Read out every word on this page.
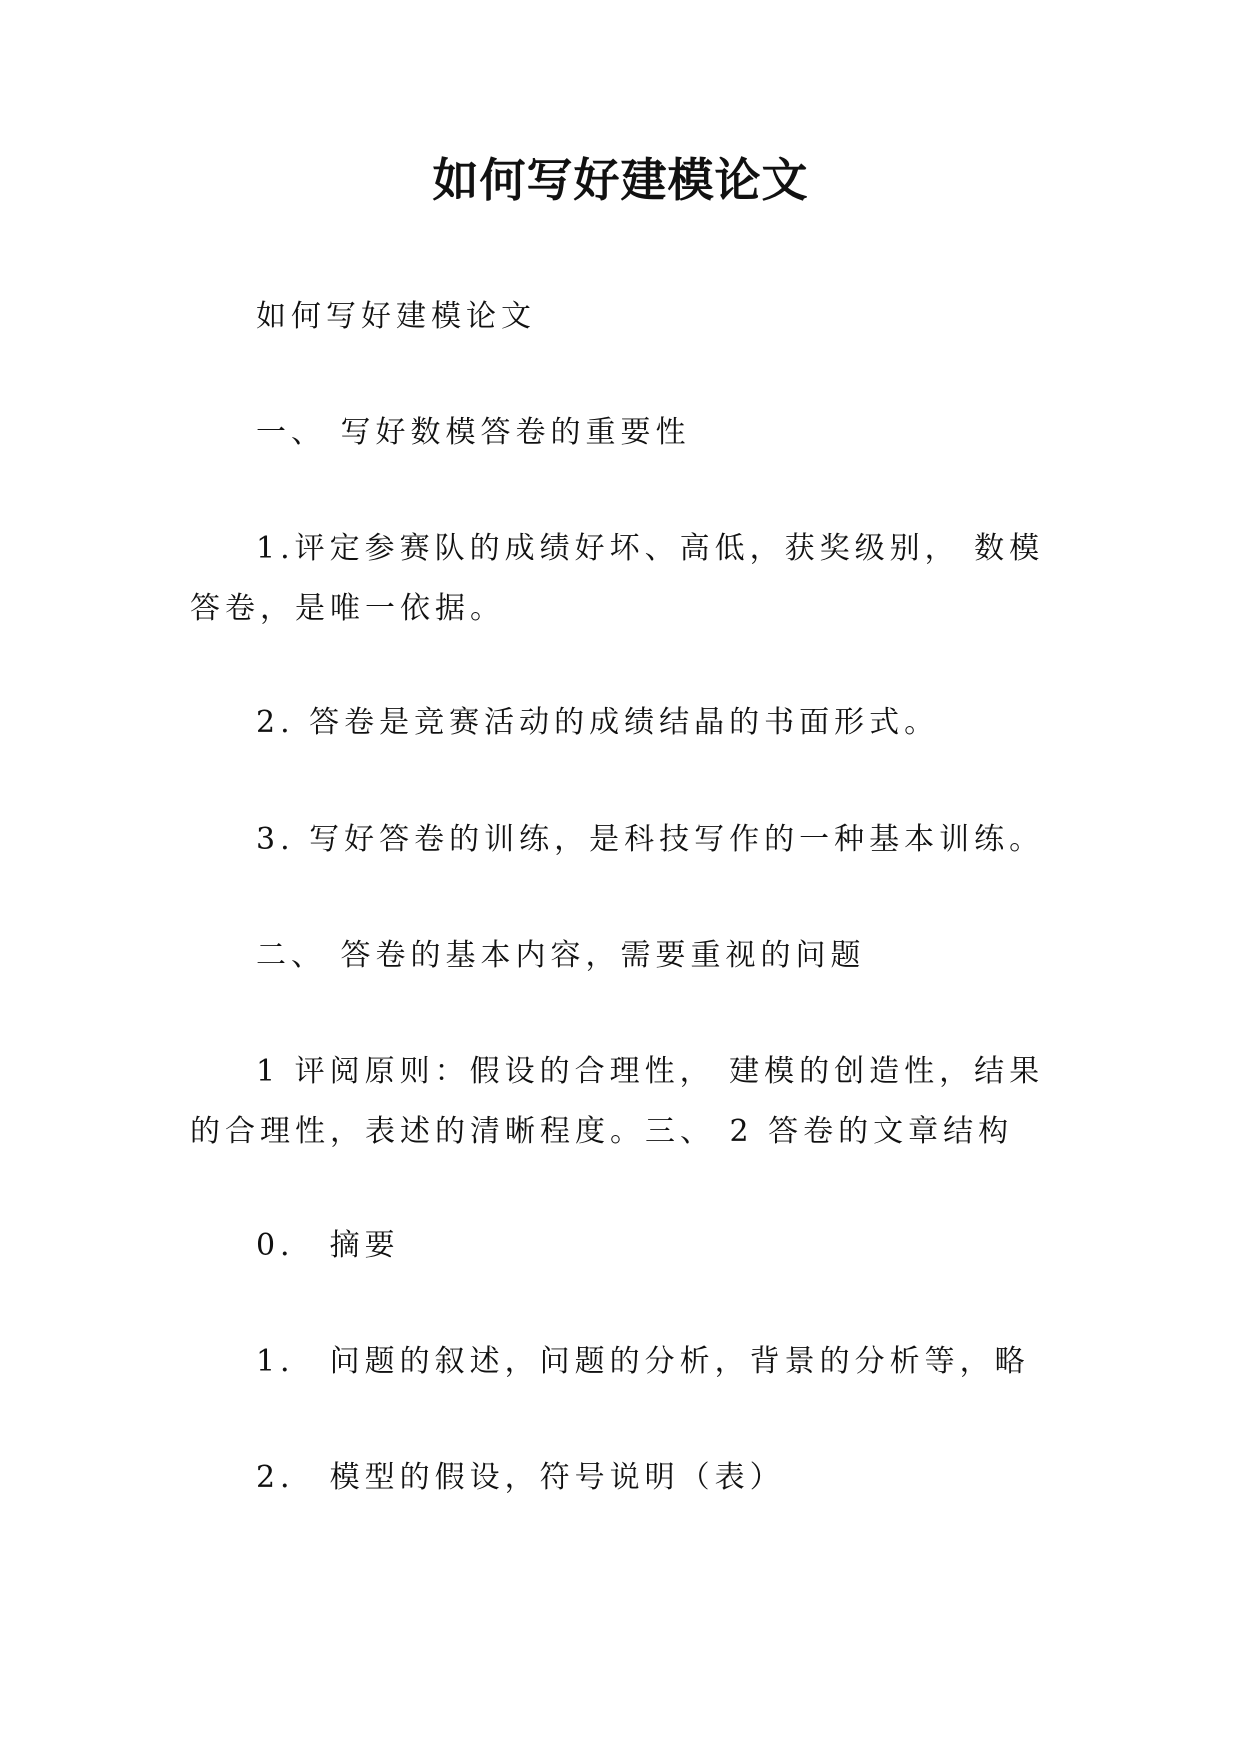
如何写好建模论文

如何写好建模论文

一、 写好数模答卷的重要性

1.评定参赛队的成绩好坏、高低，获奖级别， 数模答卷，是唯一依据。

2. 答卷是竞赛活动的成绩结晶的书面形式。

3. 写好答卷的训练，是科技写作的一种基本训练。

二、 答卷的基本内容，需要重视的问题

1 评阅原则：假设的合理性， 建模的创造性，结果的合理性，表述的清晰程度。三、 2 答卷的文章结构

0． 摘要

1． 问题的叙述，问题的分析，背景的分析等，略

2． 模型的假设，符号说明（表）
